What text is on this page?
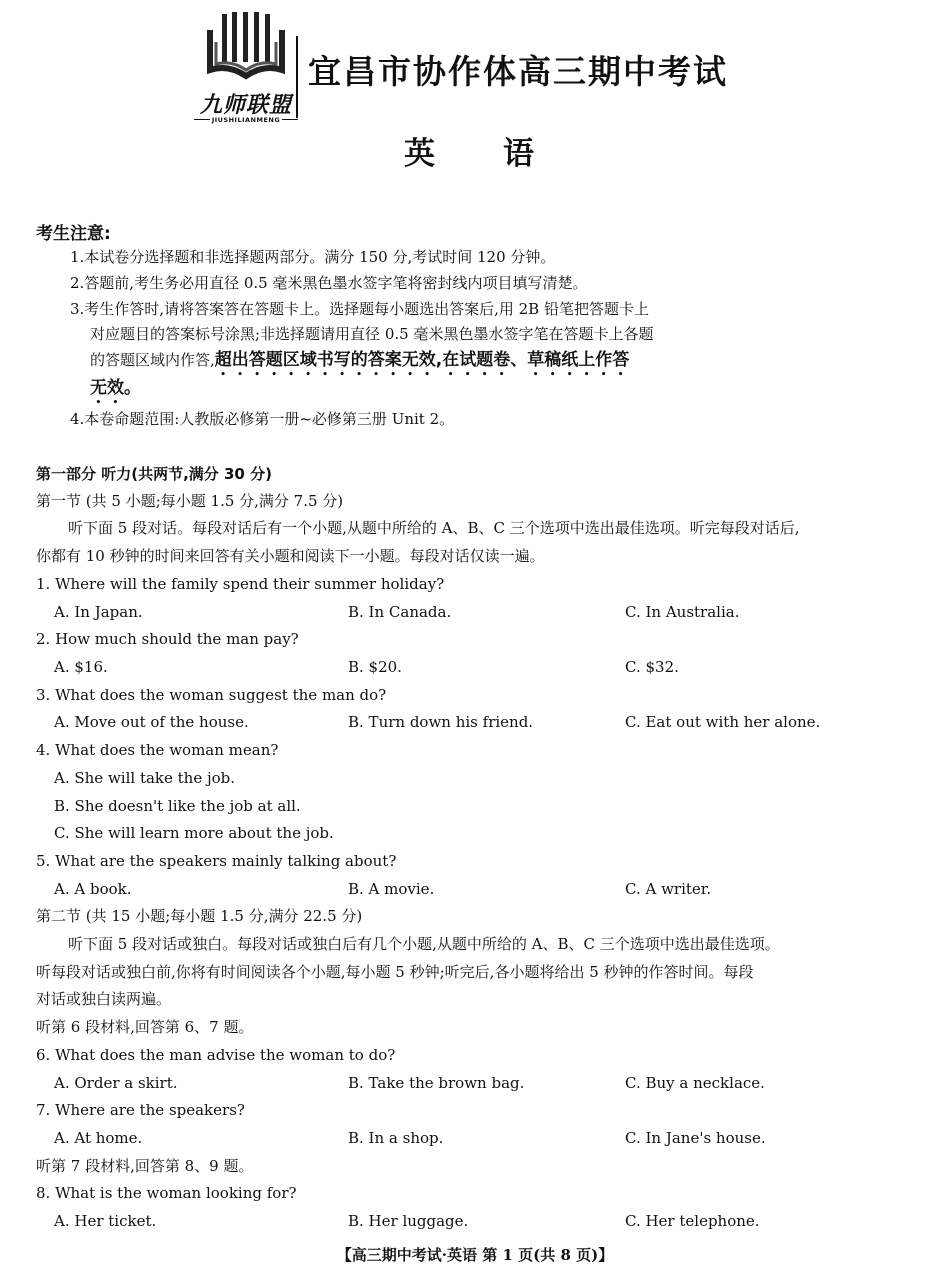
九师联盟
JIUSHILIANMENG
宜昌市协作体高三期中考试
英语
考生注意:
1.本试卷分选择题和非选择题两部分。满分 150 分,考试时间 120 分钟。
2.答题前,考生务必用直径 0.5 毫米黑色墨水签字笔将密封线内项目填写清楚。
3.考生作答时,请将答案答在答题卡上。选择题每小题选出答案后,用 2B 铅笔把答题卡上
对应题目的答案标号涂黑;非选择题请用直径 0.5 毫米黑色墨水签字笔在答题卡上各题
的答题区域内作答,超出答题区域书写的答案无效,在试题卷、草稿纸上作答
无效。
4.本卷命题范围:人教版必修第一册~必修第三册 Unit 2。
第一部分 听力(共两节,满分 30 分)
第一节 (共 5 小题;每小题 1.5 分,满分 7.5 分)
听下面 5 段对话。每段对话后有一个小题,从题中所给的 A、B、C 三个选项中选出最佳选项。听完每段对话后,
你都有 10 秒钟的时间来回答有关小题和阅读下一小题。每段对话仅读一遍。
1. Where will the family spend their summer holiday?
A. In Japan.	B. In Canada.	C. In Australia.
2. How much should the man pay?
A. $16.	B. $20.	C. $32.
3. What does the woman suggest the man do?
A. Move out of the house.	B. Turn down his friend.	C. Eat out with her alone.
4. What does the woman mean?
A. She will take the job.
B. She doesn't like the job at all.
C. She will learn more about the job.
5. What are the speakers mainly talking about?
A. A book.	B. A movie.	C. A writer.
第二节 (共 15 小题;每小题 1.5 分,满分 22.5 分)
听下面 5 段对话或独白。每段对话或独白后有几个小题,从题中所给的 A、B、C 三个选项中选出最佳选项。
听每段对话或独白前,你将有时间阅读各个小题,每小题 5 秒钟;听完后,各小题将给出 5 秒钟的作答时间。每段
对话或独白读两遍。
听第 6 段材料,回答第 6、7 题。
6. What does the man advise the woman to do?
A. Order a skirt.	B. Take the brown bag.	C. Buy a necklace.
7. Where are the speakers?
A. At home.	B. In a shop.	C. In Jane's house.
听第 7 段材料,回答第 8、9 题。
8. What is the woman looking for?
A. Her ticket.	B. Her luggage.	C. Her telephone.
【高三期中考试·英语 第 1 页(共 8 页)】
